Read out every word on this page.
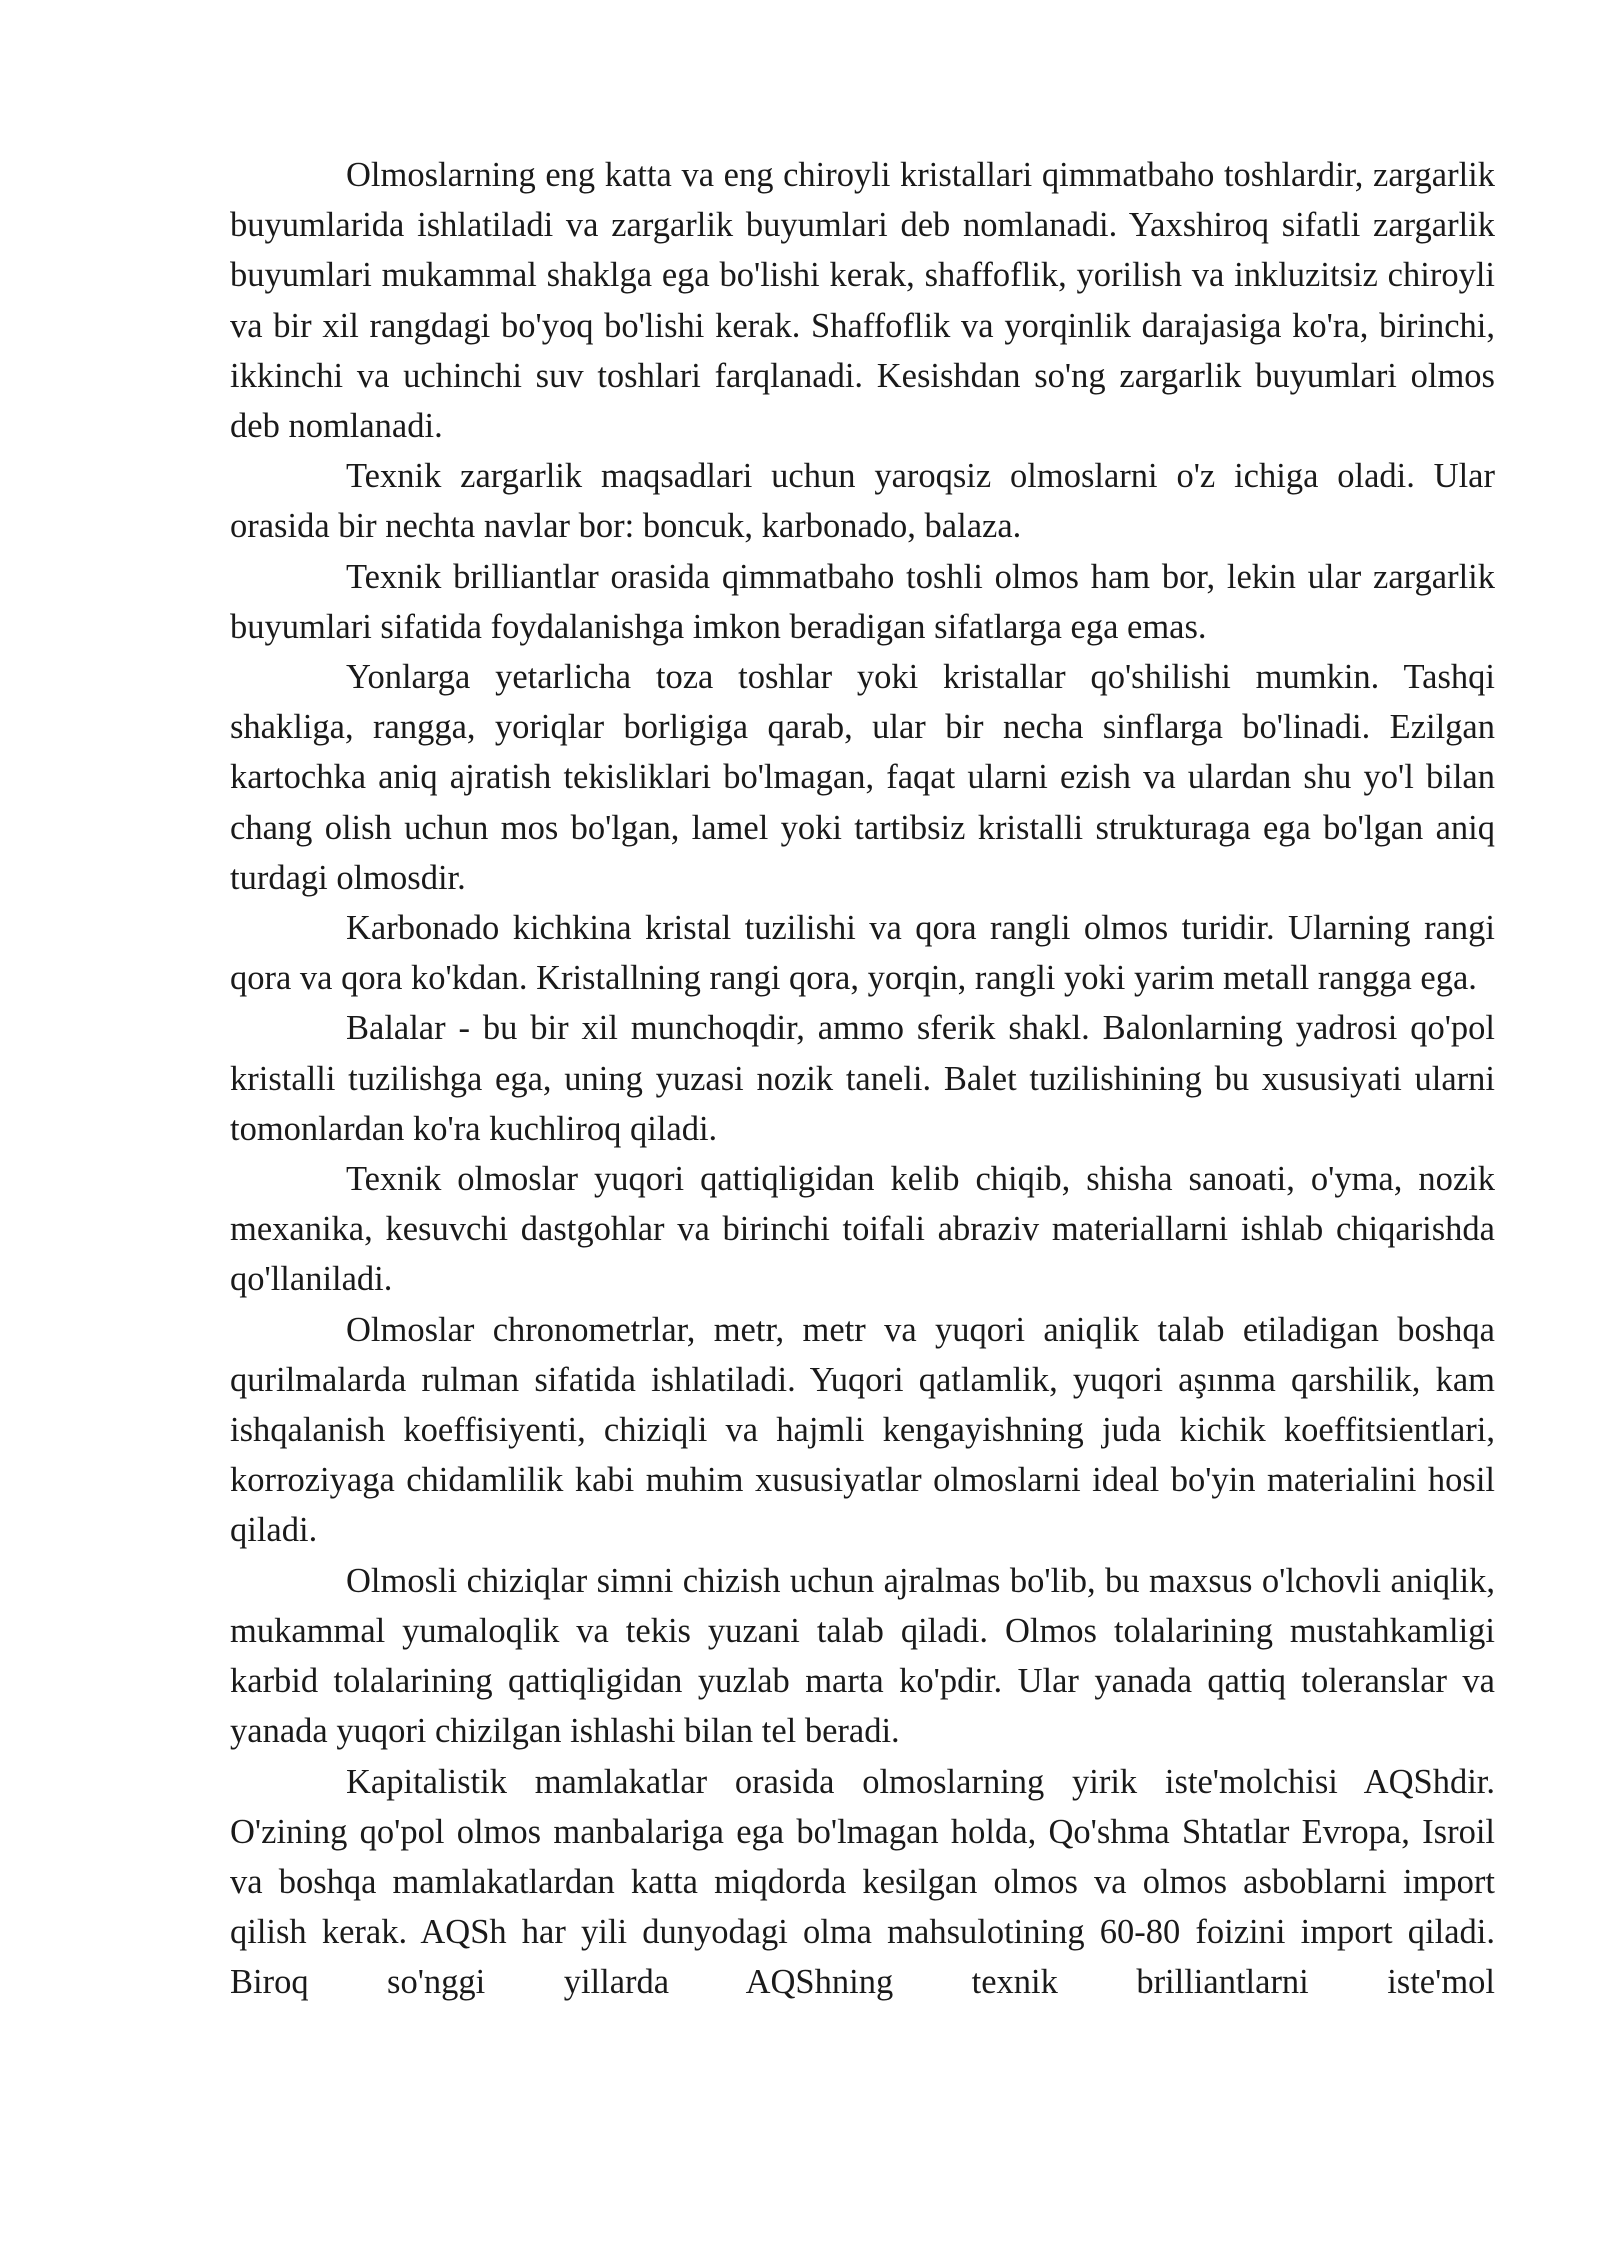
Olmoslarning eng katta va eng chiroyli kristallari qimmatbaho toshlardir, zargarlik buyumlarida ishlatiladi va zargarlik buyumlari deb nomlanadi. Yaxshiroq sifatli zargarlik buyumlari mukammal shaklga ega bo'lishi kerak, shaffoflik, yorilish va inkluzitsiz chiroyli va bir xil rangdagi bo'yoq bo'lishi kerak. Shaffoflik va yorqinlik darajasiga ko'ra, birinchi, ikkinchi va uchinchi suv toshlari farqlanadi. Kesishdan so'ng zargarlik buyumlari olmos deb nomlanadi.

Texnik zargarlik maqsadlari uchun yaroqsiz olmoslarni o'z ichiga oladi. Ular orasida bir nechta navlar bor: boncuk, karbonado, balaza.

Texnik brilliantlar orasida qimmatbaho toshli olmos ham bor, lekin ular zargarlik buyumlari sifatida foydalanishga imkon beradigan sifatlarga ega emas.

Yonlarga yetarlicha toza toshlar yoki kristallar qo'shilishi mumkin. Tashqi shakliga, rangga, yoriqlar borligiga qarab, ular bir necha sinflarga bo'linadi. Ezilgan kartochka aniq ajratish tekisliklari bo'lmagan, faqat ularni ezish va ulardan shu yo'l bilan chang olish uchun mos bo'lgan, lamel yoki tartibsiz kristalli strukturaga ega bo'lgan aniq turdagi olmosdir.

Karbonado kichkina kristal tuzilishi va qora rangli olmos turidir. Ularning rangi qora va qora ko'kdan. Kristallning rangi qora, yorqin, rangli yoki yarim metall rangga ega.

Balalar - bu bir xil munchoqdir, ammo sferik shakl. Balonlarning yadrosi qo'pol kristalli tuzilishga ega, uning yuzasi nozik taneli. Balet tuzilishining bu xususiyati ularni tomonlardan ko'ra kuchliroq qiladi.

Texnik olmoslar yuqori qattiqligidan kelib chiqib, shisha sanoati, o'yma, nozik mexanika, kesuvchi dastgohlar va birinchi toifali abraziv materiallarni ishlab chiqarishda qo'llaniladi.

Olmoslar chronometrlar, metr, metr va yuqori aniqlik talab etiladigan boshqa qurilmalarda rulman sifatida ishlatiladi. Yuqori qatlamlik, yuqori aşınma qarshilik, kam ishqalanish koeffisiyenti, chiziqli va hajmli kengayishning juda kichik koeffitsientlari, korroziyaga chidamlilik kabi muhim xususiyatlar olmoslarni ideal bo'yin materialini hosil qiladi.

Olmosli chiziqlar simni chizish uchun ajralmas bo'lib, bu maxsus o'lchovli aniqlik, mukammal yumaloqlik va tekis yuzani talab qiladi. Olmos tolalarining mustahkamligi karbid tolalarining qattiqligidan yuzlab marta ko'pdir. Ular yanada qattiq toleranslar va yanada yuqori chizilgan ishlashi bilan tel beradi.

Kapitalistik mamlakatlar orasida olmoslarning yirik iste'molchisi AQShdir. O'zining qo'pol olmos manbalariga ega bo'lmagan holda, Qo'shma Shtatlar Evropa, Isroil va boshqa mamlakatlardan katta miqdorda kesilgan olmos va olmos asboblarni import qilish kerak. AQSh har yili dunyodagi olma mahsulotining 60-80 foizini import qiladi. Biroq so'nggi yillarda AQShning texnik brilliantlarni iste'mol
